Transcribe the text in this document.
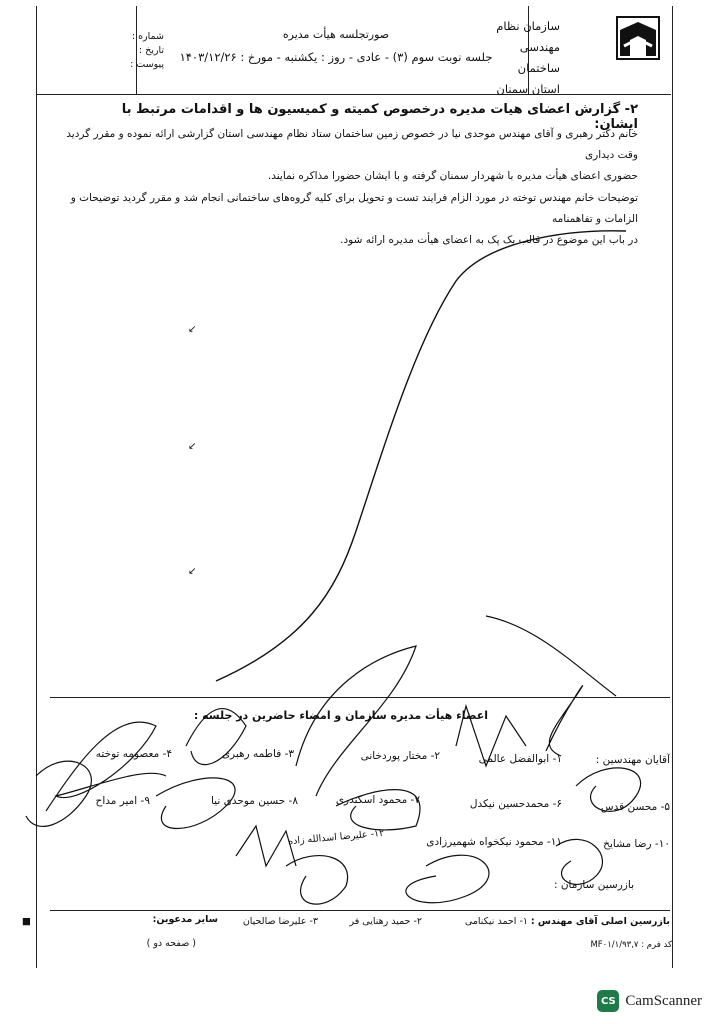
سازمان نظام
مهندسی
ساختمان
استان سمنان
صورتجلسه هیأت مدیره
جلسه نوبت سوم (۳) - عادی - روز : یکشنبه - مورخ : ۱۴۰۳/۱۲/۲۶
شماره :
تاریخ :
پیوست :
۲- گزارش اعضای هیات مدیره درخصوص کمیته و کمیسیون ها و اقدامات مرتبط با ایشان:
خانم دکتر رهبری و آقای مهندس موحدی نیا در خصوص زمین ساختمان ستاد نظام مهندسی استان گزارشی ارائه نموده و مقرر گردید وقت دیداری
حضوری اعضای هیأت مدیره با شهردار سمنان گرفته و با ایشان حضورا مذاکره نمایند.
توضیحات خانم مهندس توخته در مورد الزام فرایند تست و تحویل برای کلیه گروه‌های ساختمانی انجام شد و مقرر گردید توضیحات و الزامات و تفاهمنامه
در باب این موضوع در قالب یک پک به اعضای هیأت مدیره ارائه شود.
↙
↙
↙
اعضاء هیأت مدیره سازمان و امضاء حاضرین در جلسه :
آقایان مهندسین :
۱- ابوالفضل عالمی
۲- مختار پوردخانی
۳- فاطمه رهبری
۴- معصومه توخته
۵- محسن قدس
۶- محمدحسین نیکدل
۷- محمود اسکندری
۸- حسین موحدی نیا
۹- امیر مداح
۱۰- رضا مشایخ
۱۱- محمود نیکخواه شهمیرزادی
۱۲- علیرضا اسدالله زاده
بازرسین سازمان :
بازرسین اصلی آقای مهندس :
۱- احمد نیکنامی
۲- حمید رهنایی فر
۳- علیرضا صالحیان
سایر مدعوین:
■
( صفحه دو )	کد فرم : MF۰۱/۱/۹۳,۷
CS CamScanner
